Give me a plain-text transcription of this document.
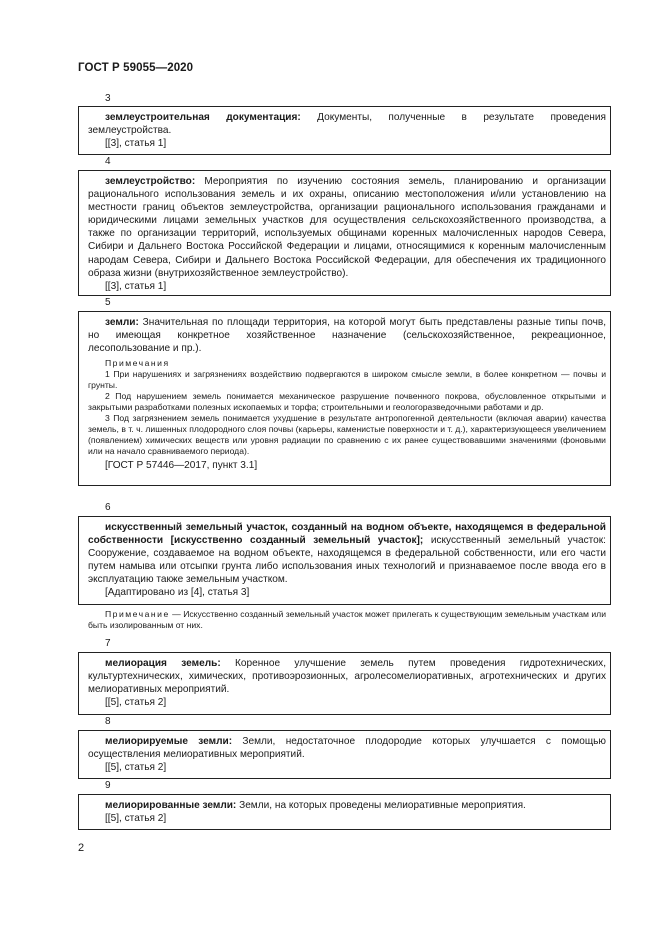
ГОСТ Р 59055—2020
3

землеустроительная документация: Документы, полученные в результате проведения землеустройства.

[[3], статья 1]

4

землеустройство: Мероприятия по изучению состояния земель, планированию и организации рационального использования земель и их охраны, описанию местоположения и/или установлению на местности границ объектов землеустройства, организации рационального использования гражданами и юридическими лицами земельных участков для осуществления сельскохозяйственного производства, а также по организации территорий, используемых общинами коренных малочисленных народов Севера, Сибири и Дальнего Востока Российской Федерации и лицами, относящимися к коренным малочисленным народам Севера, Сибири и Дальнего Востока Российской Федерации, для обеспечения их традиционного образа жизни (внутрихозяйственное землеустройство).

[[3], статья 1]

5

земли: Значительная по площади территория, на которой могут быть представлены разные типы почв, но имеющая конкретное хозяйственное назначение (сельскохозяйственное, рекреационное, лесопользование и пр.).

Примечания

1 При нарушениях и загрязнениях воздействию подвергаются в широком смысле земли, в более конкретном — почвы и грунты.

2 Под нарушением земель понимается механическое разрушение почвенного покрова, обусловленное открытыми и закрытыми разработками полезных ископаемых и торфа; строительными и геологоразведочными работами и др.

3 Под загрязнением земель понимается ухудшение в результате антропогенной деятельности (включая аварии) качества земель, в т. ч. лишенных плодородного слоя почвы (карьеры, каменистые поверхности и т. д.), характеризующееся увеличением (появлением) химических веществ или уровня радиации по сравнению с их ранее существовавшими значениями (фоновыми или на начало сравниваемого периода).

[ГОСТ Р 57446—2017, пункт 3.1]

6

искусственный земельный участок, созданный на водном объекте, находящемся в федеральной собственности [искусственно созданный земельный участок]; искусственный земельный участок: Сооружение, создаваемое на водном объекте, находящемся в федеральной собственности, или его части путем намыва или отсыпки грунта либо использования иных технологий и признаваемое после ввода его в эксплуатацию также земельным участком.

[Адаптировано из [4], статья 3]

Примечание — Искусственно созданный земельный участок может прилегать к существующим земельным участкам или быть изолированным от них.
7

мелиорация земель: Коренное улучшение земель путем проведения гидротехнических, культуртехнических, химических, противоэрозионных, агролесомелиоративных, агротехнических и других мелиоративных мероприятий.

[[5], статья 2]

8

мелиорируемые земли: Земли, недостаточное плодородие которых улучшается с помощью осуществления мелиоративных мероприятий.

[[5], статья 2]

9

мелиорированные земли: Земли, на которых проведены мелиоративные мероприятия.

[[5], статья 2]

2
